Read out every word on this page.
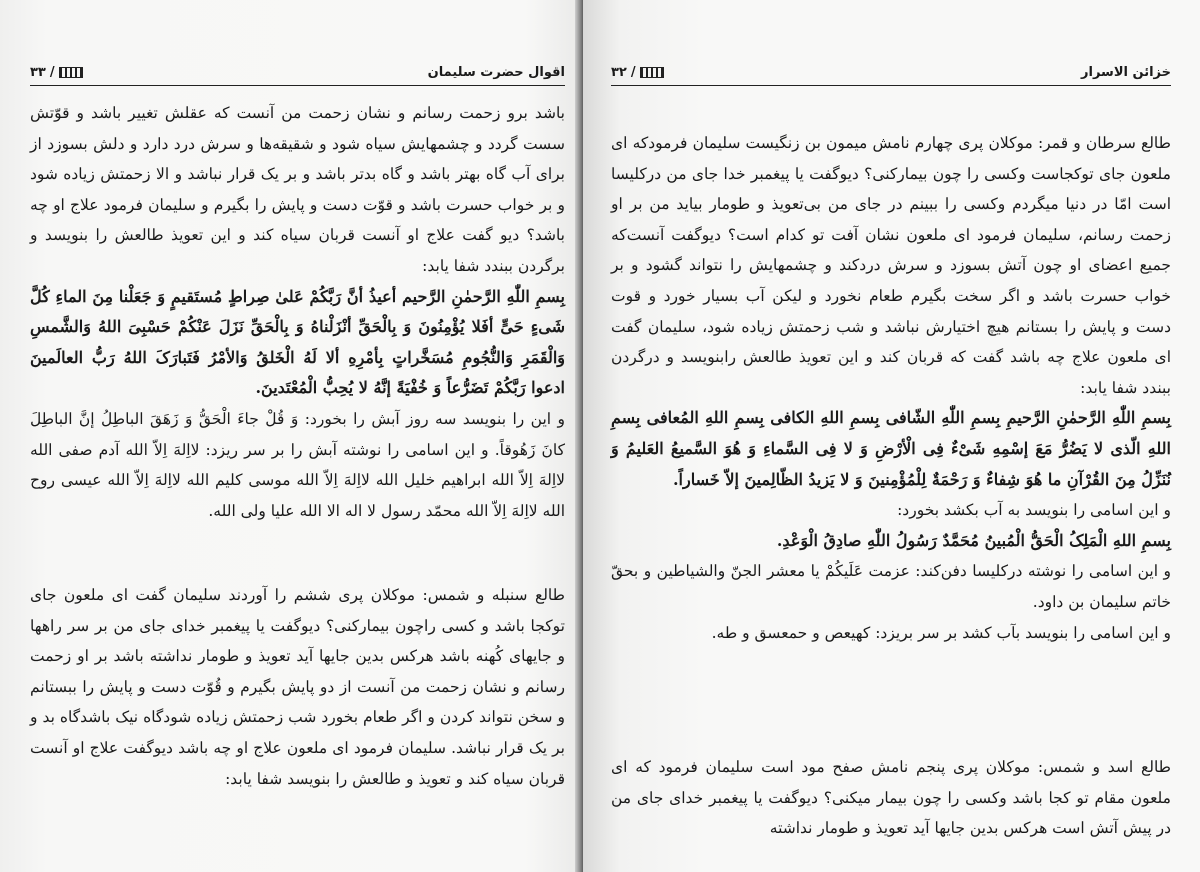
اقوال حضرت سلیمان
۳۳ /

باشد برو زحمت رسانم و نشان زحمت من آنست که عقلش تغییر باشد و قوّتش سست گردد و چشمهایش سیاه شود و شقیقه‌ها و سرش درد دارد و دلش بسوزد از برای آب گاه بهتر باشد و گاه بدتر باشد و بر یک قرار نباشد و الا زحمتش زیاده شود و بر خواب حسرت باشد و قوّت دست و پایش را بگیرم و سلیمان فرمود علاج او چه باشد؟ دیو گفت علاج او آنست قربان سیاه کند و این تعویذ طالعش را بنویسد و برگردن ببندد شفا یابد:

بِسمِ اللّٰهِ الرَّحمٰنِ الرَّحیم أعیذُ أنَّ رَبَّکُمْ عَلیٰ صِراطٍ مُستَقیمٍ وَ جَعَلْنا مِنَ الماءِ کُلَّ شَیءٍ حَیٍّ أفَلا یُؤْمِنُونَ وَ بِالْحَقِّ أنْزَلْناهُ وَ بِالْحَقِّ نَزَلَ عَنْکُمْ حَسْبِیَ اللهُ وَالشَّمسِ وَالْقَمَرِ وَالنُّجُومِ مُسَخَّراتٍ بِأمْرِهِ ألا لَهُ الْخَلقُ وَالأمْرُ فَتَبارَکَ اللهُ رَبُّ العالَمینَ ادعوا رَبَّکُمْ تَضَرُّعاً وَ خُفْیَةً إنَّهُ لا یُحِبُّ الْمُعْتَدینَ.

و این را بنویسد سه روز آبش را بخورد: وَ قُلْ جاءَ الْحَقُّ وَ زَهَقَ الباطِلُ إنَّ الباطِلَ کانَ زَهُوقاً. و این اسامی را نوشته آبش را بر سر ریزد: لااِلهَ اِلاّ الله آدم صفی الله لااِلهَ اِلاّ الله ابراهیم خلیل الله لااِلهَ اِلاّ الله موسی کلیم الله لااِلهَ اِلاّ الله عیسی روح الله لااِلهَ اِلاّ الله محمّد رسول لا اله الا الله علیا ولی الله.

طالع سنبله و شمس: موکلان پری ششم را آوردند سلیمان گفت ای ملعون جای توکجا باشد و کسی راچون بیمارکنی؟ دیوگفت یا پیغمبر خدای جای من بر سر راهها و جایهای کُهنه باشد هرکس بدین جایها آید تعویذ و طومار نداشته باشد بر او زحمت رسانم و نشان زحمت من آنست از دو پایش بگیرم و قُوّت دست و پایش را ببستانم و سخن نتواند کردن و اگر طعام بخورد شب زحمتش زیاده شودگاه نیک باشدگاه بد و بر یک قرار نباشد. سلیمان فرمود ای ملعون علاج او چه باشد دیوگفت علاج او آنست قربان سیاه کند و تعویذ و طالعش را بنویسد شفا یابد:

خزائن الاسرار
۳۲ /

طالع سرطان و قمر: موکلان پری چهارم نامش میمون بن زنگیست سلیمان فرمودکه ای ملعون جای توکجاست وکسی را چون بیمارکنی؟ دیوگفت یا پیغمبر خدا جای من درکلیسا است امّا در دنیا میگردم وکسی را ببینم در جای من بی‌تعویذ و طومار بیاید من بر او زحمت رسانم، سلیمان فرمود ای ملعون نشان آفت تو کدام است؟ دیوگفت آنست‌که جمیع اعضای او چون آتش بسوزد و سرش دردکند و چشمهایش را نتواند گشود و بر خواب حسرت باشد و اگر سخت بگیرم طعام نخورد و لیکن آب بسیار خورد و قوت دست و پایش را بستانم هیچ اختیارش نباشد و شب زحمتش زیاده شود، سلیمان گفت ای ملعون علاج چه باشد گفت که قربان کند و این تعویذ طالعش رابنویسد و درگردن ببندد شفا یابد:

بِسمِ اللّٰهِ الرَّحمٰنِ الرَّحیمِ بِسمِ اللّٰهِ الشّافی بِسمِ اللهِ الکافی بِسمِ اللهِ المُعافی بِسمِ اللهِ الّذی لا یَضُرُّ مَعَ إسْمِهِ شَیْءٌ فِی الْأرْضِ وَ لا فِی السَّماءِ وَ هُوَ السَّمیعُ العَلیمُ وَ نُنَزِّلُ مِنَ القُرْآنِ ما هُوَ شِفاءٌ وَ رَحْمَةٌ لِلْمُؤْمِنینَ وَ لا یَزیدُ الظّالِمینَ إلاّ خَساراً.

و این اسامی را بنویسد به آب بکشد بخورد:

بِسمِ اللهِ الْمَلِکُ الْحَقُّ الْمُبینُ مُحَمَّدٌ رَسُولُ اللّٰهِ صادِقُ الْوَعْدِ.

و این اسامی را نوشته درکلیسا دفن‌کند: عزمت عَلَیکُمْ یا معشر الجنّ والشیاطین و بحقّ خاتم سلیمان بن داود.

و این اسامی را بنویسد بآب کشد بر سر بریزد: کهیعص و حمعسق و طه.

طالع اسد و شمس: موکلان پری پنجم نامش صفح مود است سلیمان فرمود که ای ملعون مقام تو کجا باشد وکسی را چون بیمار میکنی؟ دیوگفت یا پیغمبر خدای جای من در پیش آتش است هرکس بدین جایها آید تعویذ و طومار نداشته
